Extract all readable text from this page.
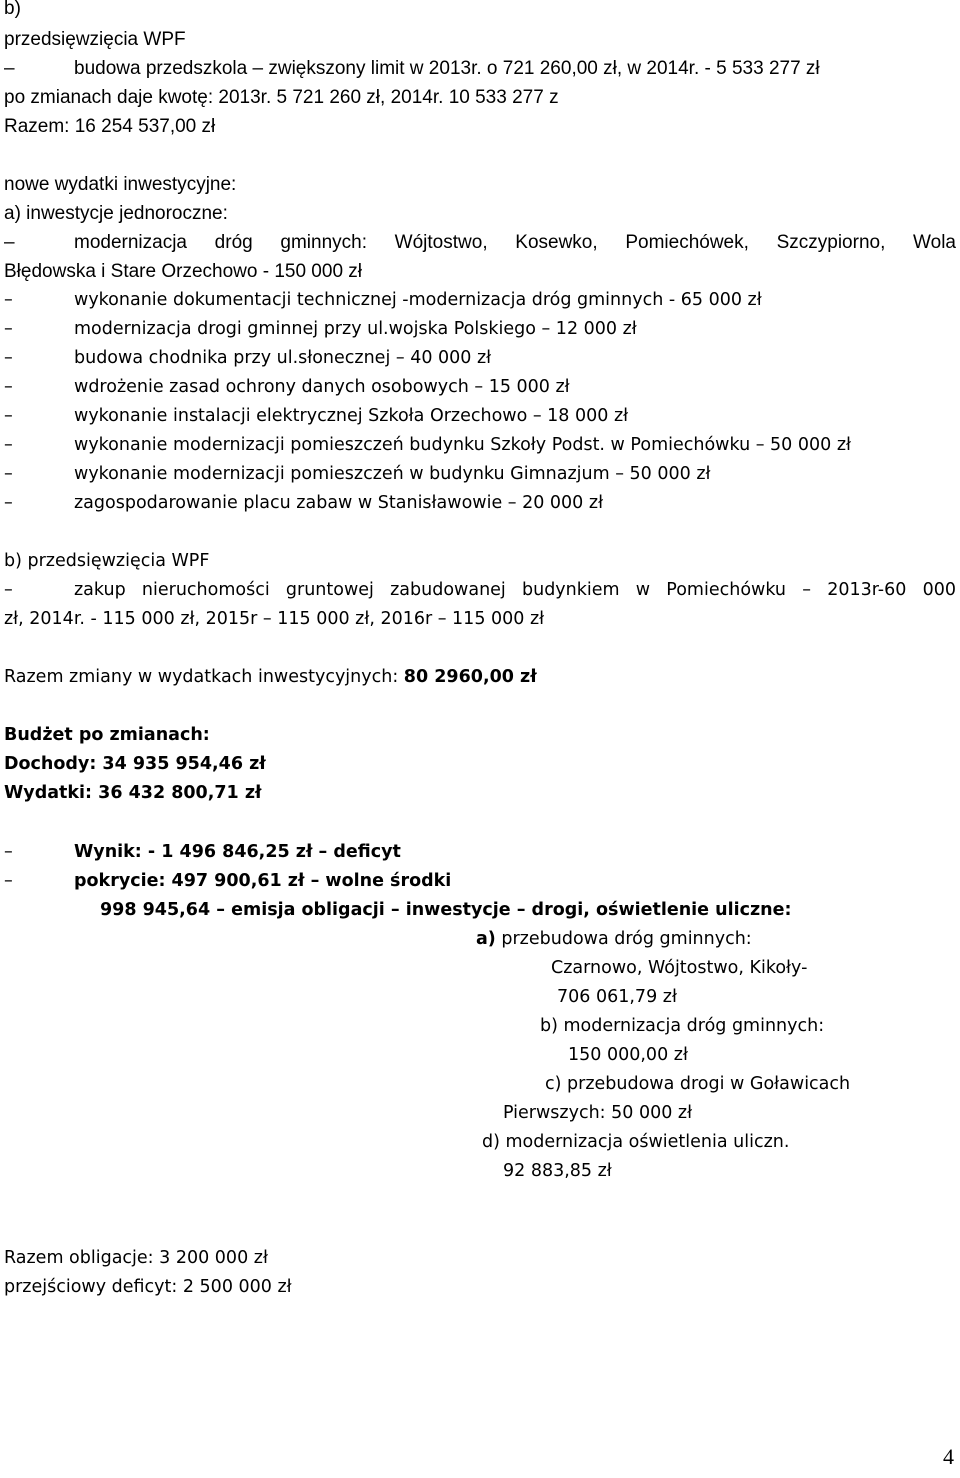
b)
przedsięwzięcia WPF
–	budowa przedszkola – zwiększony limit w 2013r. o 721 260,00 zł, w 2014r. - 5 533 277 zł
po zmianach daje kwotę: 2013r. 5 721 260 zł, 2014r. 10 533 277 z
Razem: 16 254 537,00 zł
nowe wydatki inwestycyjne:
a) inwestycje jednoroczne:
–	modernizacja dróg gminnych: Wójtostwo, Kosewko, Pomiechówek, Szczypiorno, Wola
Błędowska i Stare Orzechowo - 150 000 zł
–	wykonanie dokumentacji technicznej -modernizacja dróg gminnych - 65 000 zł
–	modernizacja drogi gminnej przy ul.wojska Polskiego – 12 000 zł
–	budowa chodnika przy ul.słonecznej – 40 000 zł
–	wdrożenie zasad ochrony danych osobowych – 15 000 zł
–	wykonanie instalacji elektrycznej Szkoła Orzechowo – 18 000 zł
–	wykonanie modernizacji pomieszczeń budynku Szkoły Podst. w Pomiechówku – 50 000 zł
–	wykonanie modernizacji pomieszczeń w budynku Gimnazjum – 50 000 zł
–	zagospodarowanie placu zabaw w Stanisławowie – 20 000 zł
b) przedsięwzięcia WPF
–	zakup nieruchomości gruntowej zabudowanej budynkiem w Pomiechówku – 2013r-60 000
zł, 2014r. - 115 000 zł, 2015r – 115 000 zł, 2016r – 115 000 zł
Razem zmiany w wydatkach inwestycyjnych: 80 2960,00 zł
Budżet po zmianach:
Dochody: 34 935 954,46 zł
Wydatki: 36 432 800,71 zł
–	Wynik: - 1 496 846,25 zł – deficyt
–	pokrycie: 497 900,61 zł – wolne środki
998 945,64 – emisja obligacji – inwestycje – drogi, oświetlenie uliczne:
a) przebudowa dróg gminnych:
Czarnowo, Wójtostwo, Kikoły-
706 061,79 zł
b) modernizacja dróg gminnych:
150 000,00 zł
c) przebudowa drogi w Goławicach
Pierwszych: 50 000 zł
d) modernizacja oświetlenia uliczn.
92 883,85 zł
Razem obligacje: 3 200 000 zł
przejściowy deficyt: 2 500 000 zł
4
